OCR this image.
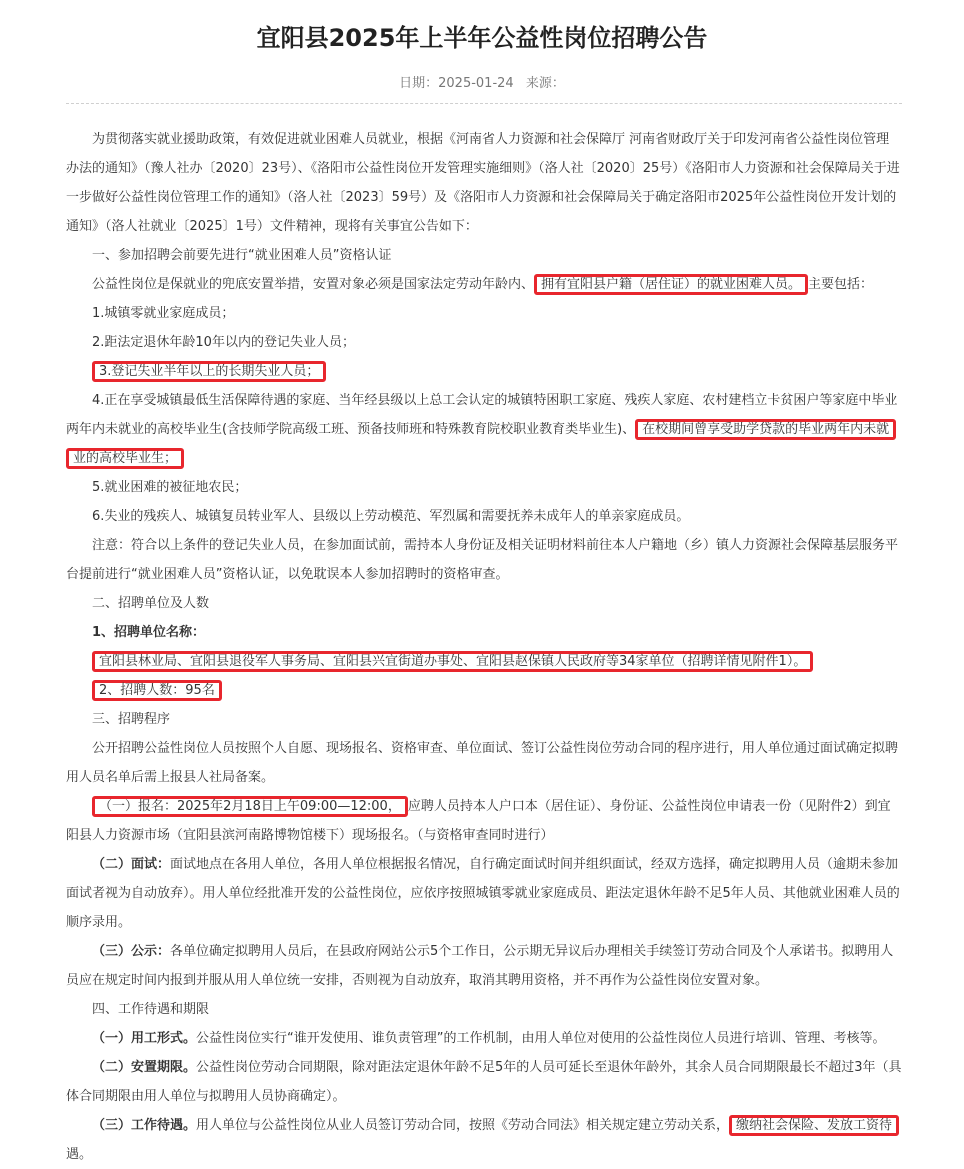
宜阳县2025年上半年公益性岗位招聘公告
日期：2025-01-24 来源：

为贯彻落实就业援助政策，有效促进就业困难人员就业，根据《河南省人力资源和社会保障厅 河南省财政厅关于印发河南省公益性岗位管理办法的通知》（豫人社办〔2020〕23号）、《洛阳市公益性岗位开发管理实施细则》（洛人社〔2020〕25号）《洛阳市人力资源和社会保障局关于进一步做好公益性岗位管理工作的通知》（洛人社〔2023〕59号）及《洛阳市人力资源和社会保障局关于确定洛阳市2025年公益性岗位开发计划的通知》（洛人社就业〔2025〕1号）文件精神，现将有关事宜公告如下：

一、参加招聘会前要先进行“就业困难人员”资格认证

公益性岗位是保就业的兜底安置举措，安置对象必须是国家法定劳动年龄内、 拥有宜阳县户籍（居住证）的就业困难人员。 主要包括：

1.城镇零就业家庭成员；

2.距法定退休年龄10年以内的登记失业人员；

3.登记失业半年以上的长期失业人员；

4.正在享受城镇最低生活保障待遇的家庭、当年经县级以上总工会认定的城镇特困职工家庭、残疾人家庭、农村建档立卡贫困户等家庭中毕业两年内未就业的高校毕业生(含技师学院高级工班、预备技师班和特殊教育院校职业教育类毕业生)、 在校期间曾享受助学贷款的毕业两年内未就业的高校毕业生；

5.就业困难的被征地农民；

6.失业的残疾人、城镇复员转业军人、县级以上劳动模范、军烈属和需要抚养未成年人的单亲家庭成员。

注意：符合以上条件的登记失业人员，在参加面试前，需持本人身份证及相关证明材料前往本人户籍地（乡）镇人力资源社会保障基层服务平台提前进行“就业困难人员”资格认证，以免耽误本人参加招聘时的资格审查。

二、招聘单位及人数

1、招聘单位名称：

宜阳县林业局、宜阳县退役军人事务局、宜阳县兴宜街道办事处、宜阳县赵保镇人民政府等34家单位（招聘详情见附件1）。

2、招聘人数：95名

三、招聘程序

公开招聘公益性岗位人员按照个人自愿、现场报名、资格审查、单位面试、签订公益性岗位劳动合同的程序进行，用人单位通过面试确定拟聘用人员名单后需上报县人社局备案。

（一）报名：2025年2月18日上午09:00—12:00， 应聘人员持本人户口本（居住证）、身份证、公益性岗位申请表一份（见附件2）到宜阳县人力资源市场（宜阳县滨河南路博物馆楼下）现场报名。（与资格审查同时进行）

（二）面试：面试地点在各用人单位，各用人单位根据报名情况，自行确定面试时间并组织面试，经双方选择，确定拟聘用人员（逾期未参加面试者视为自动放弃）。用人单位经批准开发的公益性岗位，应依序按照城镇零就业家庭成员、距法定退休年龄不足5年人员、其他就业困难人员的顺序录用。

（三）公示：各单位确定拟聘用人员后，在县政府网站公示5个工作日，公示期无异议后办理相关手续签订劳动合同及个人承诺书。拟聘用人员应在规定时间内报到并服从用人单位统一安排，否则视为自动放弃，取消其聘用资格，并不再作为公益性岗位安置对象。

四、工作待遇和期限

（一）用工形式。公益性岗位实行“谁开发使用、谁负责管理”的工作机制，由用人单位对使用的公益性岗位人员进行培训、管理、考核等。

（二）安置期限。公益性岗位劳动合同期限，除对距法定退休年龄不足5年的人员可延长至退休年龄外，其余人员合同期限最长不超过3年（具体合同期限由用人单位与拟聘用人员协商确定）。

（三）工作待遇。用人单位与公益性岗位从业人员签订劳动合同，按照《劳动合同法》相关规定建立劳动关系， 缴纳社会保险、发放工资待遇。
